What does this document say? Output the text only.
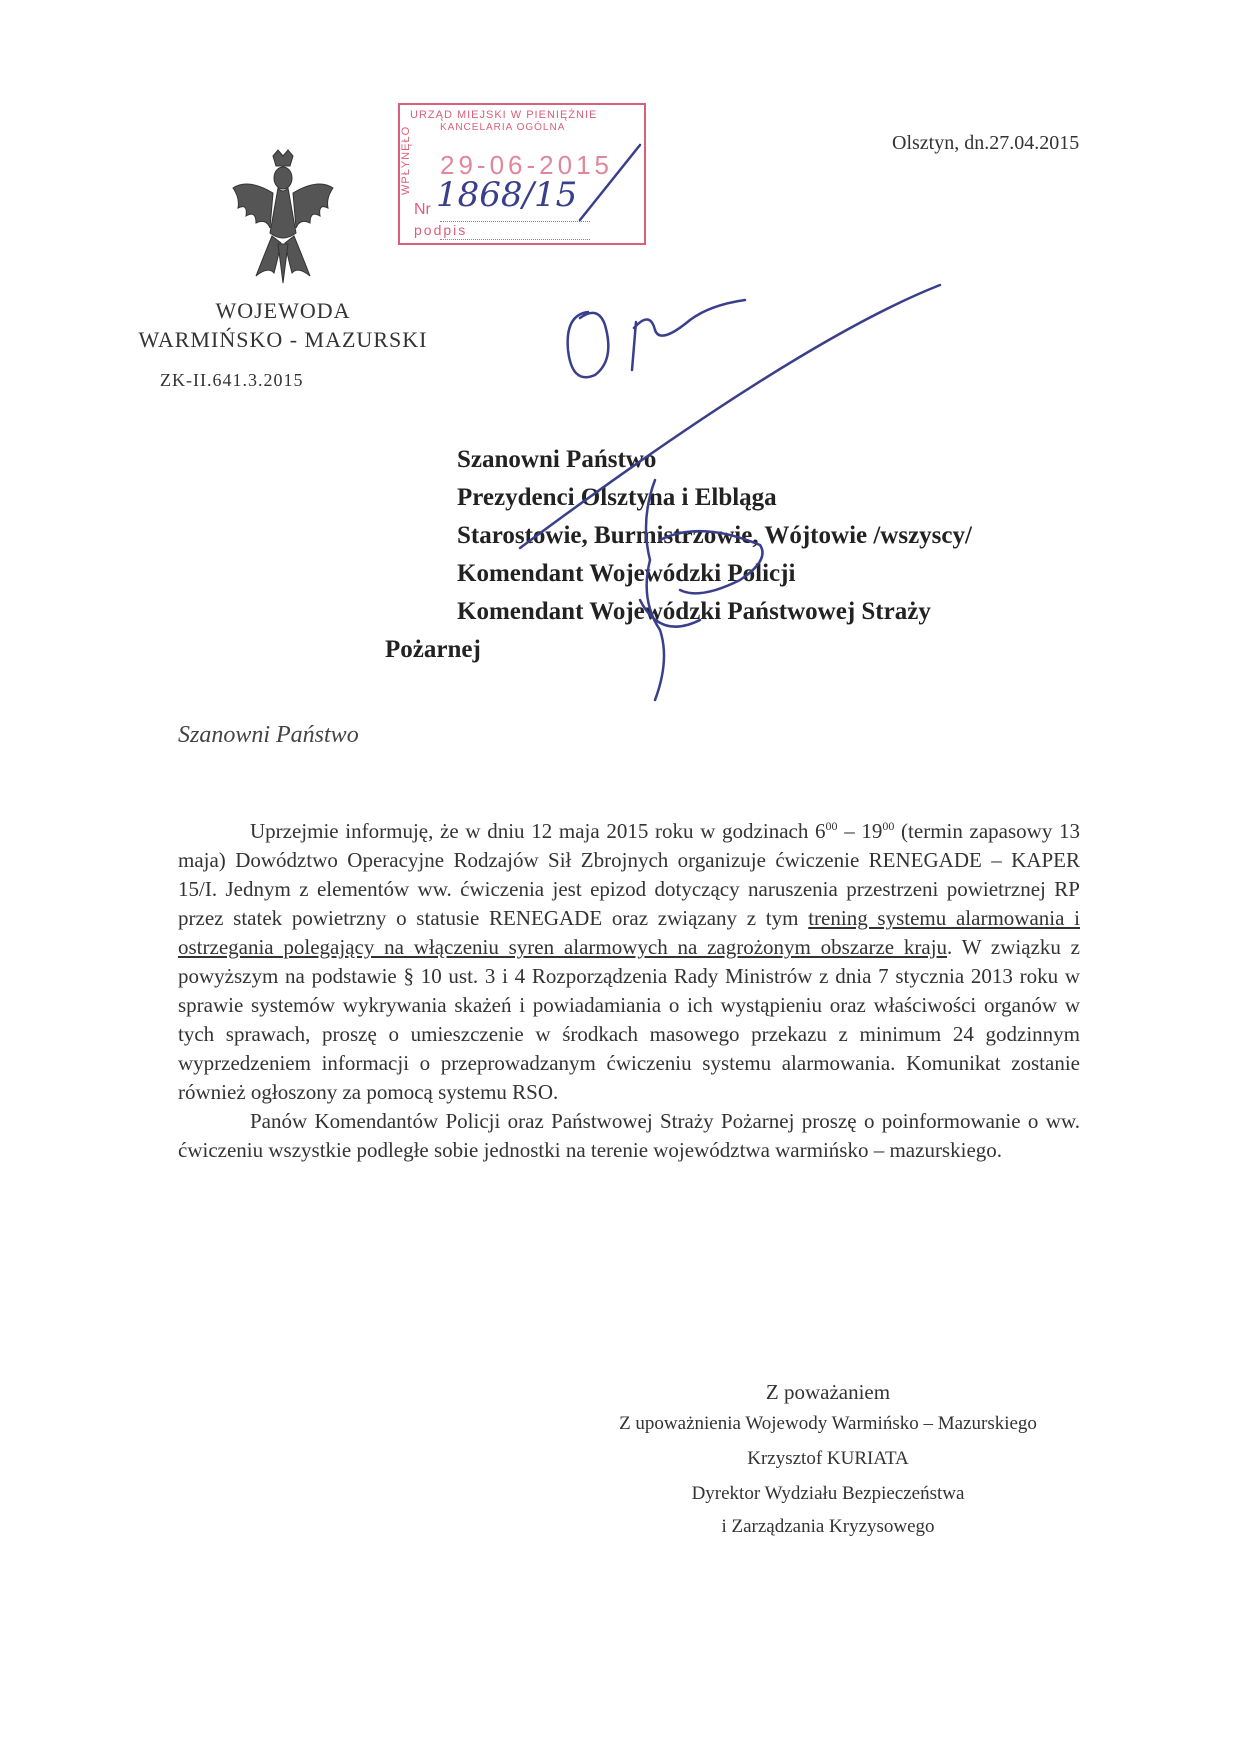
WOJEWODA
WARMIŃSKO - MAZURSKI
ZK-II.641.3.2015
Olsztyn, dn.27.04.2015
URZĄD MIEJSKI W PIENIĘŻNIE
KANCELARIA OGÓLNA
WPŁYNĘŁO 29-06-2015
Nr
podpis
1868/15
Szanowni Państwo
Prezydenci Olsztyna i Elbląga
Starostowie, Burmistrzowie, Wójtowie /wszyscy/
Komendant Wojewódzki Policji
Komendant Wojewódzki Państwowej Straży
Pożarnej
Szanowni Państwo

Uprzejmie informuję, że w dniu 12 maja 2015 roku w godzinach $6^{00} - 19^{00}$ (termin zapasowy 13 maja) Dowództwo Operacyjne Rodzajów Sił Zbrojnych organizuje ćwiczenie RENEGADE – KAPER 15/I. Jednym z elementów ww. ćwiczenia jest epizod dotyczący naruszenia przestrzeni powietrznej RP przez statek powietrzny o statusie RENEGADE oraz związany z tym trening systemu alarmowania i ostrzegania polegający na włączeniu syren alarmowych na zagrożonym obszarze kraju. W związku z powyższym na podstawie § 10 ust. 3 i 4 Rozporządzenia Rady Ministrów z dnia 7 stycznia 2013 roku w sprawie systemów wykrywania skażeń i powiadamiania o ich wystąpieniu oraz właściwości organów w tych sprawach, proszę o umieszczenie w środkach masowego przekazu z minimum 24 godzinnym wyprzedzeniem informacji o przeprowadzanym ćwiczeniu systemu alarmowania. Komunikat zostanie również ogłoszony za pomocą systemu RSO.

Panów Komendantów Policji oraz Państwowej Straży Pożarnej proszę o poinformowanie o ww. ćwiczeniu wszystkie podległe sobie jednostki na terenie województwa warmińsko – mazurskiego.

Z poważaniem
Z upoważnienia Wojewody Warmińsko – Mazurskiego
Krzysztof KURIATA
Dyrektor Wydziału Bezpieczeństwa
i Zarządzania Kryzysowego
